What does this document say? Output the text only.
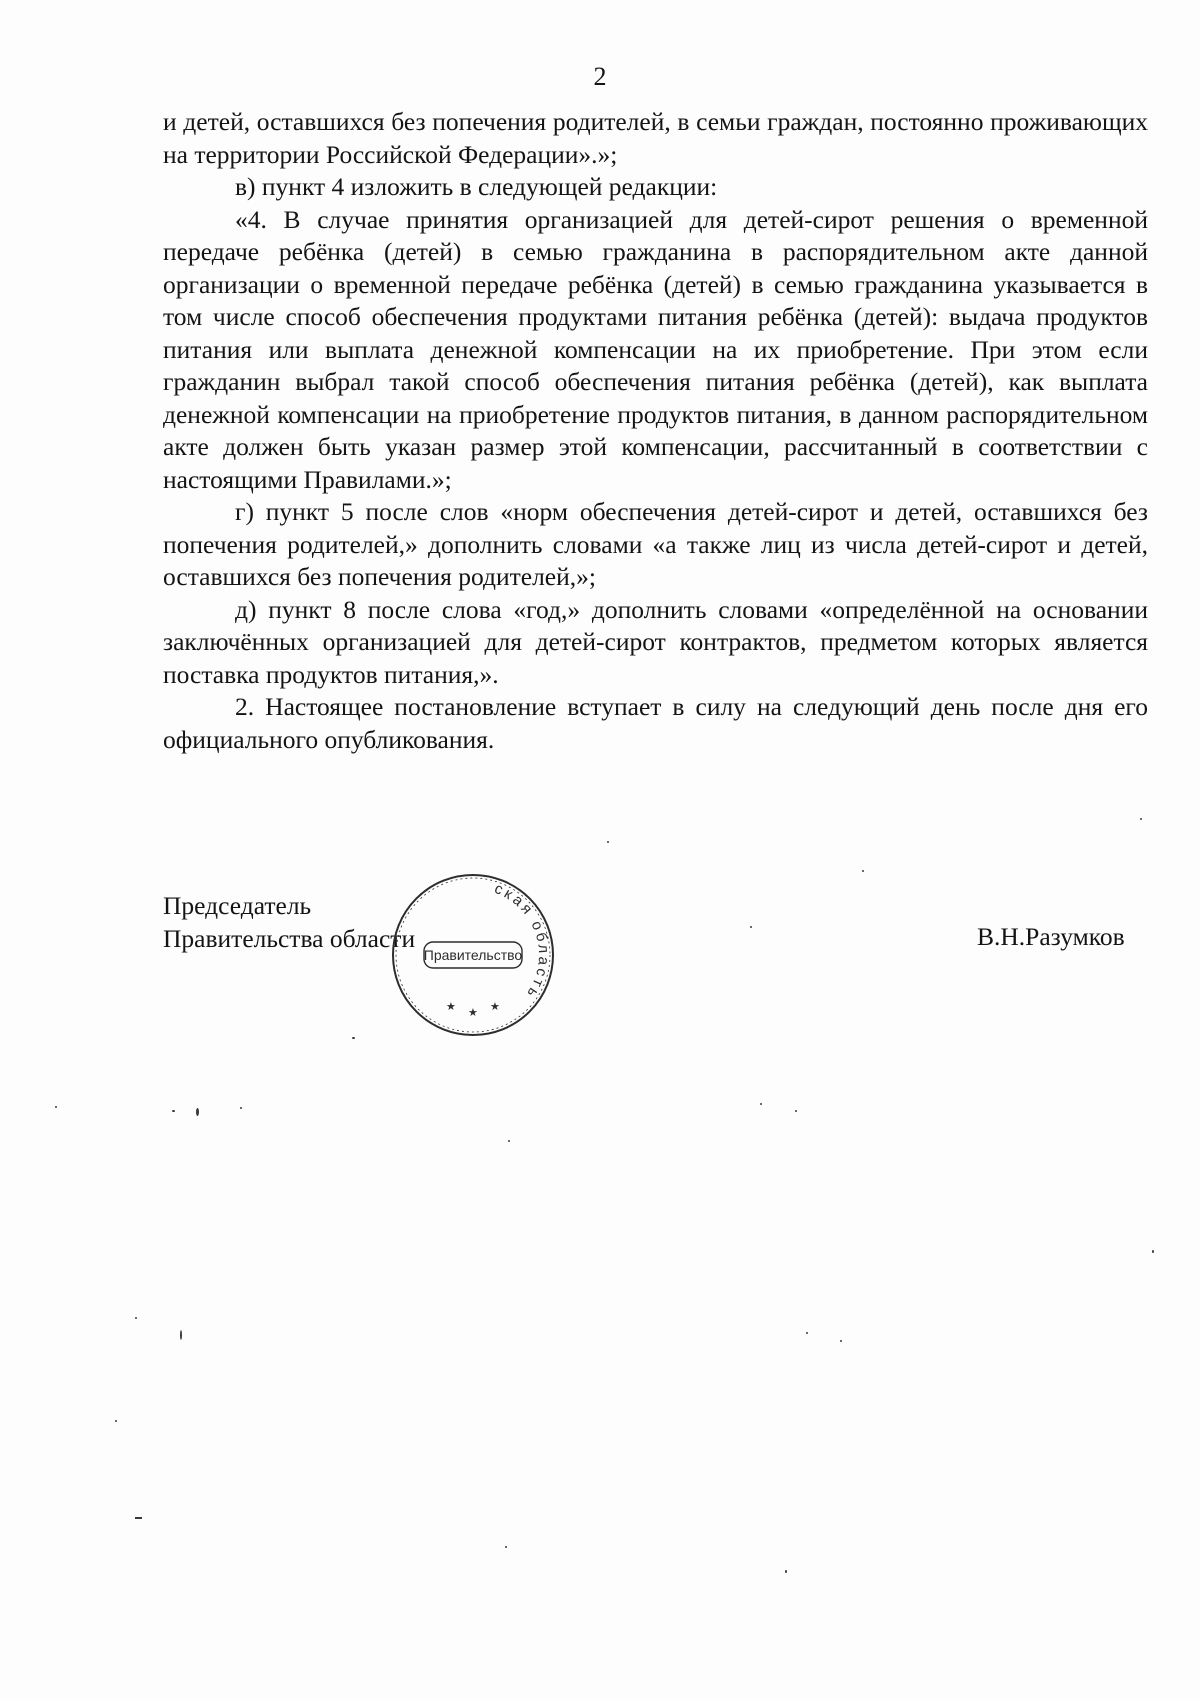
2

и детей, оставшихся без попечения родителей, в семьи граждан, постоянно проживающих на территории Российской Федерации».»;

в) пункт 4 изложить в следующей редакции:

«4. В случае принятия организацией для детей-сирот решения о временной передаче ребёнка (детей) в семью гражданина в распорядительном акте данной организации о временной передаче ребёнка (детей) в семью гражданина указывается в том числе способ обеспечения продуктами питания ребёнка (детей): выдача продуктов питания или выплата денежной компенсации на их приобретение. При этом если гражданин выбрал такой способ обеспечения питания ребёнка (детей), как выплата денежной компенсации на приобретение продуктов питания, в данном распорядительном акте должен быть указан размер этой компенсации, рассчитанный в соответствии с настоящими Правилами.»;

г) пункт 5 после слов «норм обеспечения детей-сирот и детей, оставшихся без попечения родителей,» дополнить словами «а также лиц из числа детей-сирот и детей, оставшихся без попечения родителей,»;

д) пункт 8 после слова «год,» дополнить словами «определённой на основании заключённых организацией для детей-сирот контрактов, предметом которых является поставка продуктов питания,».

2. Настоящее постановление вступает в силу на следующий день после дня его официального опубликования.

Председатель
Правительства области	В.Н.Разумков
ская область
Правительство
★ ★ ★
